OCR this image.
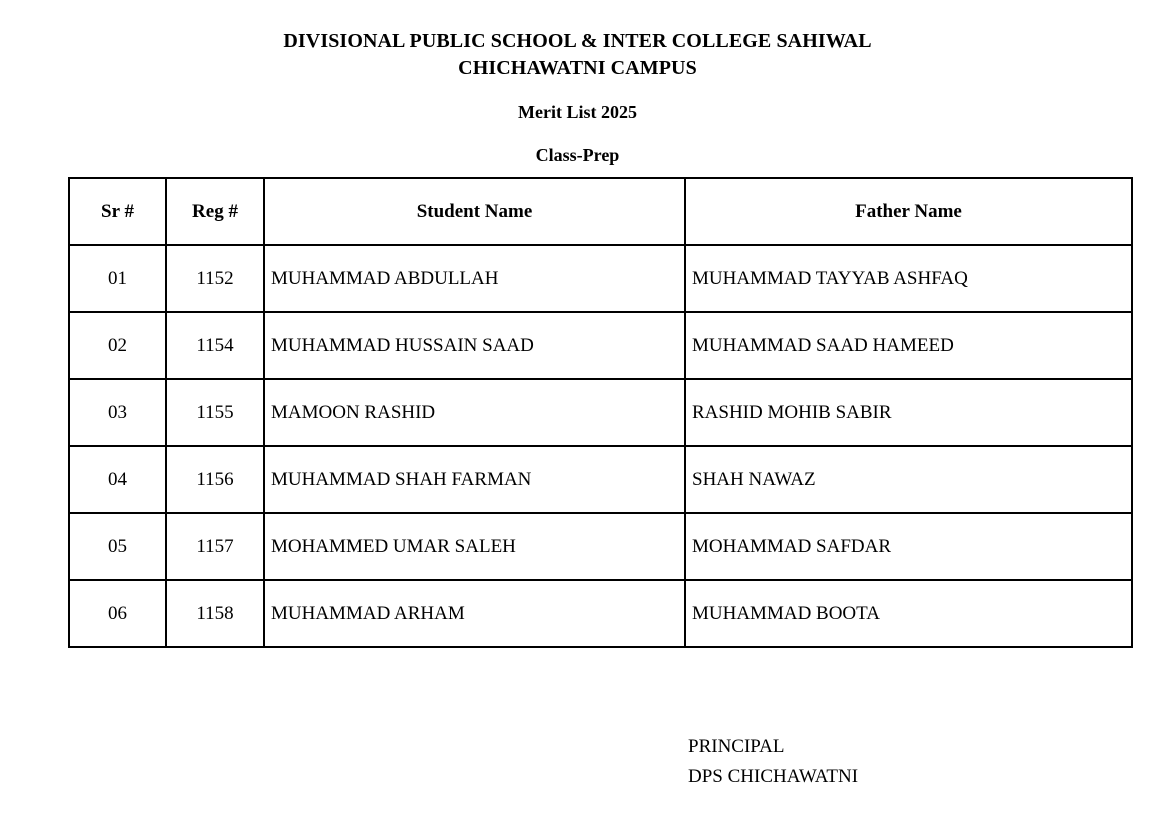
DIVISIONAL PUBLIC SCHOOL & INTER COLLEGE SAHIWAL
CHICHAWATNI CAMPUS
Merit List 2025
Class-Prep
Sr #	Reg #	Student Name	Father Name
01	1152	MUHAMMAD ABDULLAH	MUHAMMAD TAYYAB ASHFAQ
02	1154	MUHAMMAD HUSSAIN SAAD	MUHAMMAD SAAD HAMEED
03	1155	MAMOON RASHID	RASHID MOHIB SABIR
04	1156	MUHAMMAD SHAH FARMAN	SHAH NAWAZ
05	1157	MOHAMMED UMAR SALEH	MOHAMMAD SAFDAR
06	1158	MUHAMMAD ARHAM	MUHAMMAD BOOTA
PRINCIPAL
DPS CHICHAWATNI
